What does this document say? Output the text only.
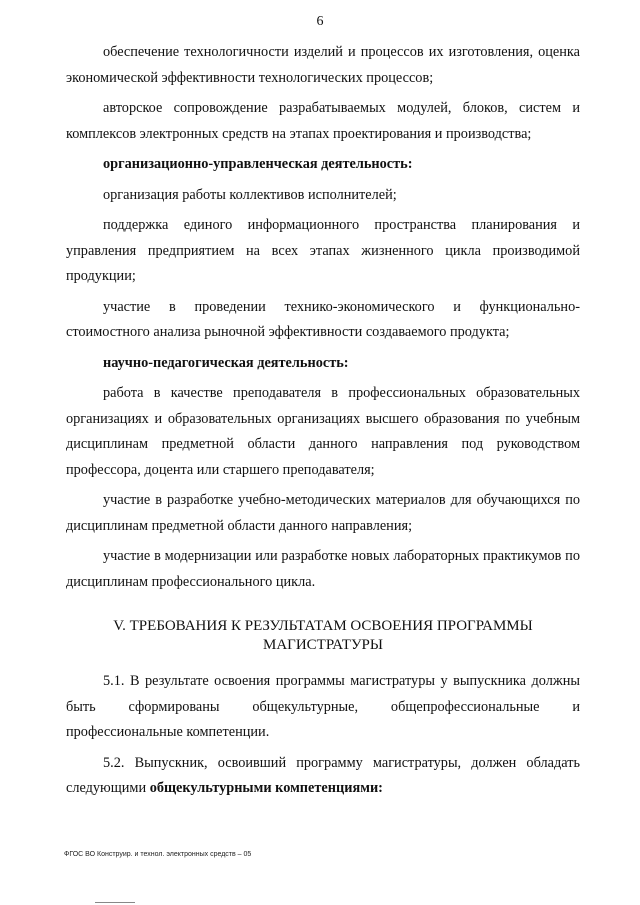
6

обеспечение технологичности изделий и процессов их изготовления, оценка экономической эффективности технологических процессов;

авторское сопровождение разрабатываемых модулей, блоков, систем и комплексов электронных средств на этапах проектирования и производства;

организационно-управленческая деятельность:

организация работы коллективов исполнителей;

поддержка единого информационного пространства планирования и управления предприятием на всех этапах жизненного цикла производимой продукции;

участие в проведении технико-экономического и функционально-стоимостного анализа рыночной эффективности создаваемого продукта;

научно-педагогическая деятельность:

работа в качестве преподавателя в профессиональных образовательных организациях и образовательных организациях высшего образования по учебным дисциплинам предметной области данного направления под руководством профессора, доцента или старшего преподавателя;

участие в разработке учебно-методических материалов для обучающихся по дисциплинам предметной области данного направления;

участие в модернизации или разработке новых лабораторных практикумов по дисциплинам профессионального цикла.

V. ТРЕБОВАНИЯ К РЕЗУЛЬТАТАМ ОСВОЕНИЯ ПРОГРАММЫ
МАГИСТРАТУРЫ

5.1. В результате освоения программы магистратуры у выпускника должны быть сформированы общекультурные, общепрофессиональные и профессиональные компетенции.

5.2. Выпускник, освоивший программу магистратуры, должен обладать следующими общекультурными компетенциями:

ФГОС ВО Конструир. и технол. электронных средств – 05
